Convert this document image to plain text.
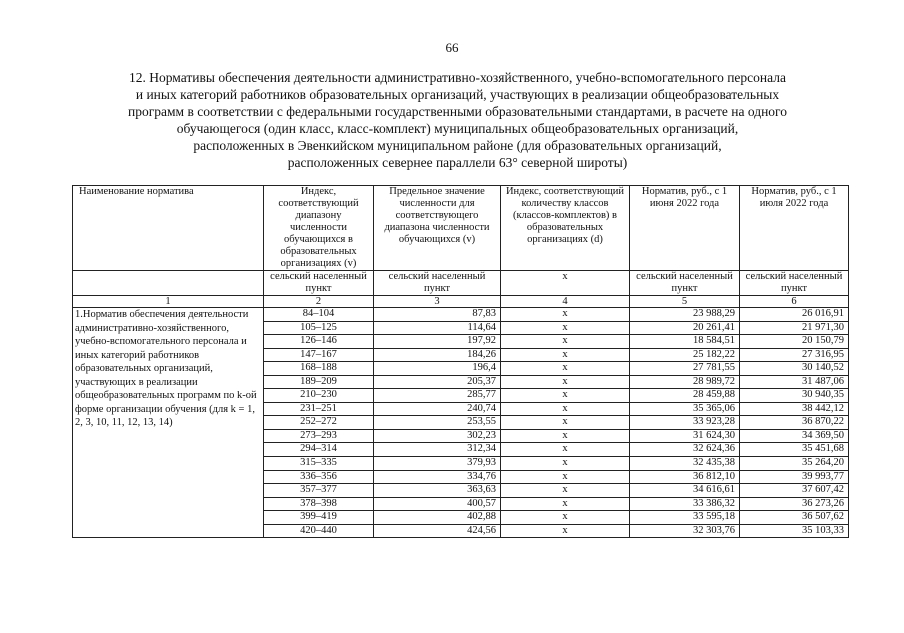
66
12. Нормативы обеспечения деятельности административно-хозяйственного, учебно-вспомогательного персонала
и иных категорий работников образовательных организаций, участвующих в реализации общеобразовательных
программ в соответствии с федеральными государственными образовательными стандартами, в расчете на одного
обучающегося (один класс, класс-комплект) муниципальных общеобразовательных организаций,
расположенных в Эвенкийском муниципальном районе (для образовательных организаций,
расположенных севернее параллели 63° северной широты)
Наименование норматива	Индекс, соответствующий диапазону численности обучающихся в образовательных организациях (v)	Предельное значение численности для соответствующего диапазона численности обучающихся (v)	Индекс, соответствующий количеству классов (классов-комплектов) в образовательных организациях (d)	Норматив, руб., с 1 июня 2022 года	Норматив, руб., с 1 июля 2022 года
	сельский населенный пункт	сельский населенный пункт	х	сельский населенный пункт	сельский населенный пункт
1	2	3	4	5	6
1.Норматив обеспечения деятельности административно-хозяйственного, учебно-вспомогательного персонала и иных категорий работников образовательных организаций, участвующих в реализации общеобразовательных программ по k-ой форме организации обучения (для k = 1, 2, 3, 10, 11, 12, 13, 14)	84–104	87,83	х	23 988,29	26 016,91
	105–125	114,64	х	20 261,41	21 971,30
	126–146	197,92	х	18 584,51	20 150,79
	147–167	184,26	х	25 182,22	27 316,95
	168–188	196,4	х	27 781,55	30 140,52
	189–209	205,37	х	28 989,72	31 487,06
	210–230	285,77	х	28 459,88	30 940,35
	231–251	240,74	х	35 365,06	38 442,12
	252–272	253,55	х	33 923,28	36 870,22
	273–293	302,23	х	31 624,30	34 369,50
	294–314	312,34	х	32 624,36	35 451,68
	315–335	379,93	х	32 435,38	35 264,20
	336–356	334,76	х	36 812,10	39 993,77
	357–377	363,63	х	34 616,61	37 607,42
	378–398	400,57	х	33 386,32	36 273,26
	399–419	402,88	х	33 595,18	36 507,62
	420–440	424,56	х	32 303,76	35 103,33
